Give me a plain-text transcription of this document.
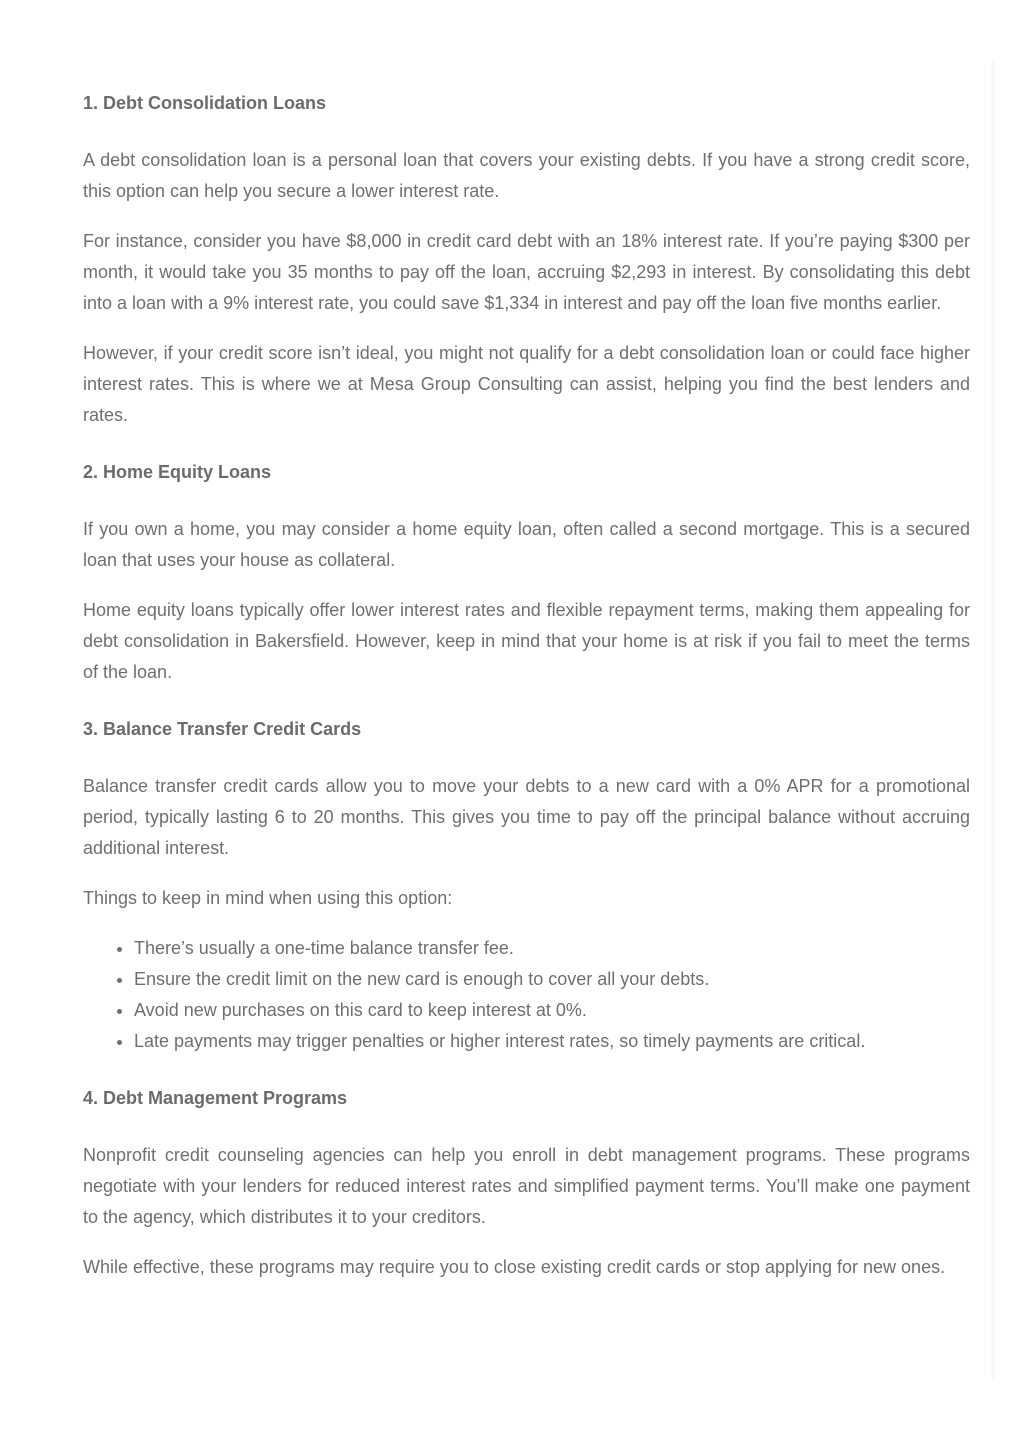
1. Debt Consolidation Loans

A debt consolidation loan is a personal loan that covers your existing debts. If you have a strong credit score, this option can help you secure a lower interest rate.

For instance, consider you have $8,000 in credit card debt with an 18% interest rate. If you’re paying $300 per month, it would take you 35 months to pay off the loan, accruing $2,293 in interest. By consolidating this debt into a loan with a 9% interest rate, you could save $1,334 in interest and pay off the loan five months earlier.

However, if your credit score isn’t ideal, you might not qualify for a debt consolidation loan or could face higher interest rates. This is where we at Mesa Group Consulting can assist, helping you find the best lenders and rates.

2. Home Equity Loans

If you own a home, you may consider a home equity loan, often called a second mortgage. This is a secured loan that uses your house as collateral.

Home equity loans typically offer lower interest rates and flexible repayment terms, making them appealing for debt consolidation in Bakersfield. However, keep in mind that your home is at risk if you fail to meet the terms of the loan.

3. Balance Transfer Credit Cards

Balance transfer credit cards allow you to move your debts to a new card with a 0% APR for a promotional period, typically lasting 6 to 20 months. This gives you time to pay off the principal balance without accruing additional interest.

Things to keep in mind when using this option:

• There’s usually a one-time balance transfer fee.
• Ensure the credit limit on the new card is enough to cover all your debts.
• Avoid new purchases on this card to keep interest at 0%.
• Late payments may trigger penalties or higher interest rates, so timely payments are critical.
4. Debt Management Programs

Nonprofit credit counseling agencies can help you enroll in debt management programs. These programs negotiate with your lenders for reduced interest rates and simplified payment terms. You’ll make one payment to the agency, which distributes it to your creditors.

While effective, these programs may require you to close existing credit cards or stop applying for new ones.
